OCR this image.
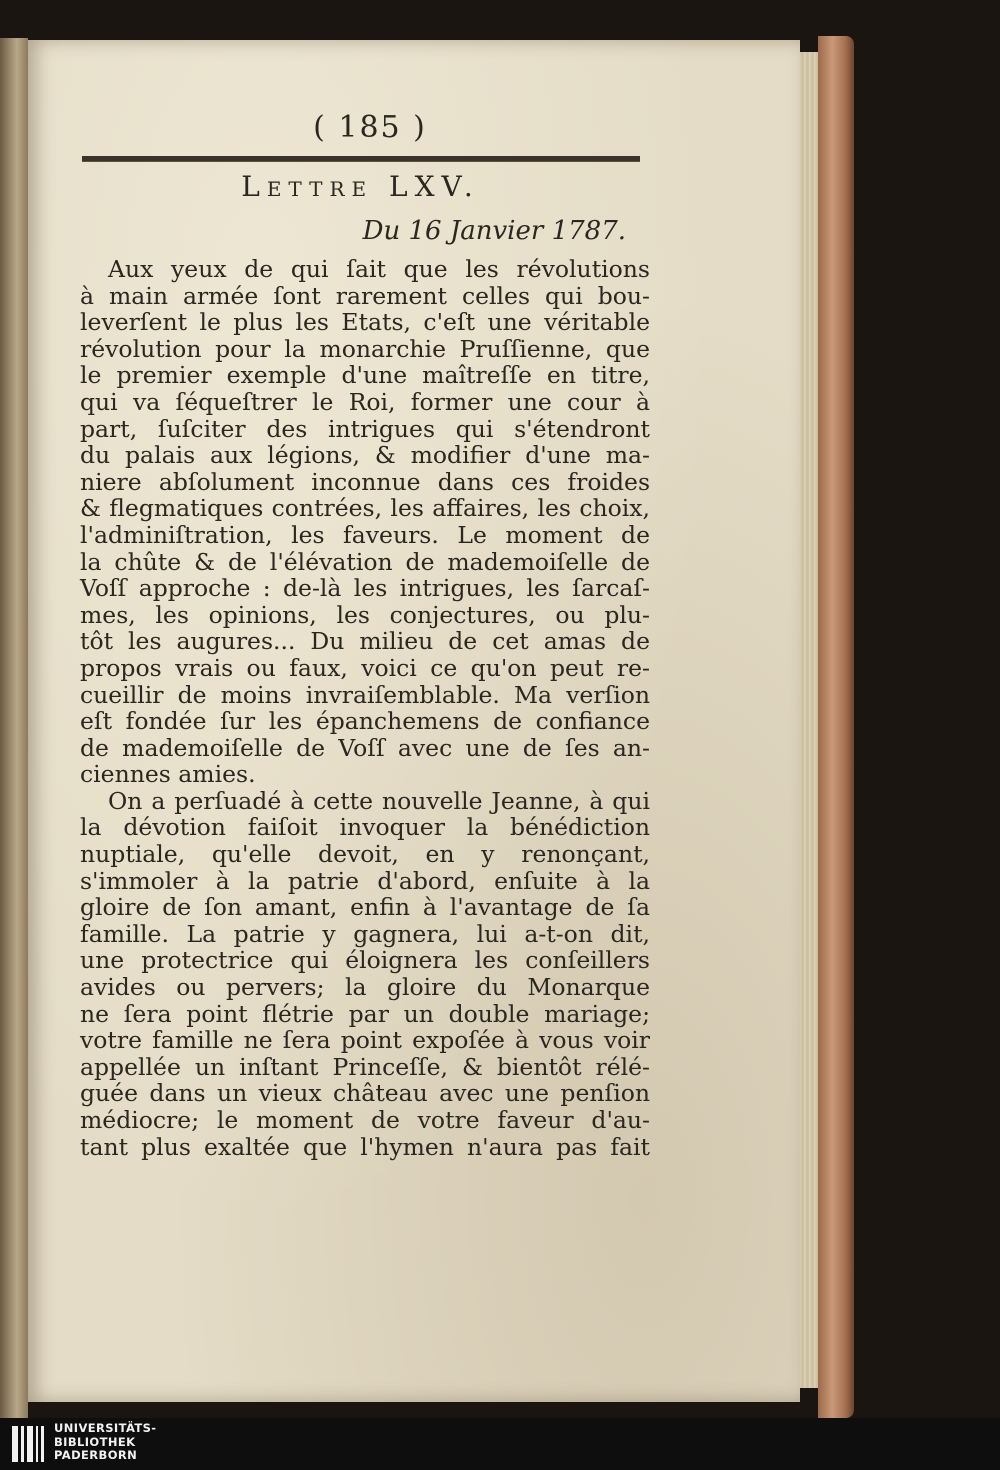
( 185 )
Lettre LXV.
Du 16 Janvier 1787.
Aux yeux de qui ſait que les révolutions
à main armée ſont rarement celles qui bou-
leverſent le plus les Etats, c'eſt une véritable
révolution pour la monarchie Pruſſienne, que
le premier exemple d'une maîtreſſe en titre,
qui va ſéqueſtrer le Roi, former une cour à
part, ſuſciter des intrigues qui s'étendront
du palais aux légions, & modifier d'une ma-
niere abſolument inconnue dans ces froides
& flegmatiques contrées, les affaires, les choix,
l'adminiſtration, les faveurs. Le moment de
la chûte & de l'élévation de mademoiſelle de
Voſſ approche : de-là les intrigues, les ſarcaſ-
mes, les opinions, les conjectures, ou plu-
tôt les augures... Du milieu de cet amas de
propos vrais ou faux, voici ce qu'on peut re-
cueillir de moins invraiſemblable. Ma verſion
eſt fondée ſur les épanchemens de confiance
de mademoiſelle de Voſſ avec une de ſes an-
ciennes amies.
On a perſuadé à cette nouvelle Jeanne, à qui
la dévotion faiſoit invoquer la bénédiction
nuptiale, qu'elle devoit, en y renonçant,
s'immoler à la patrie d'abord, enſuite à la
gloire de ſon amant, enfin à l'avantage de ſa
famille. La patrie y gagnera, lui a-t-on dit,
une protectrice qui éloignera les conſeillers
avides ou pervers; la gloire du Monarque
ne ſera point flétrie par un double mariage;
votre famille ne ſera point expoſée à vous voir
appellée un inſtant Princeſſe, & bientôt rélé-
guée dans un vieux château avec une penſion
médiocre; le moment de votre faveur d'au-
tant plus exaltée que l'hymen n'aura pas fait
UNIVERSITÄTS-
BIBLIOTHEK
PADERBORN
